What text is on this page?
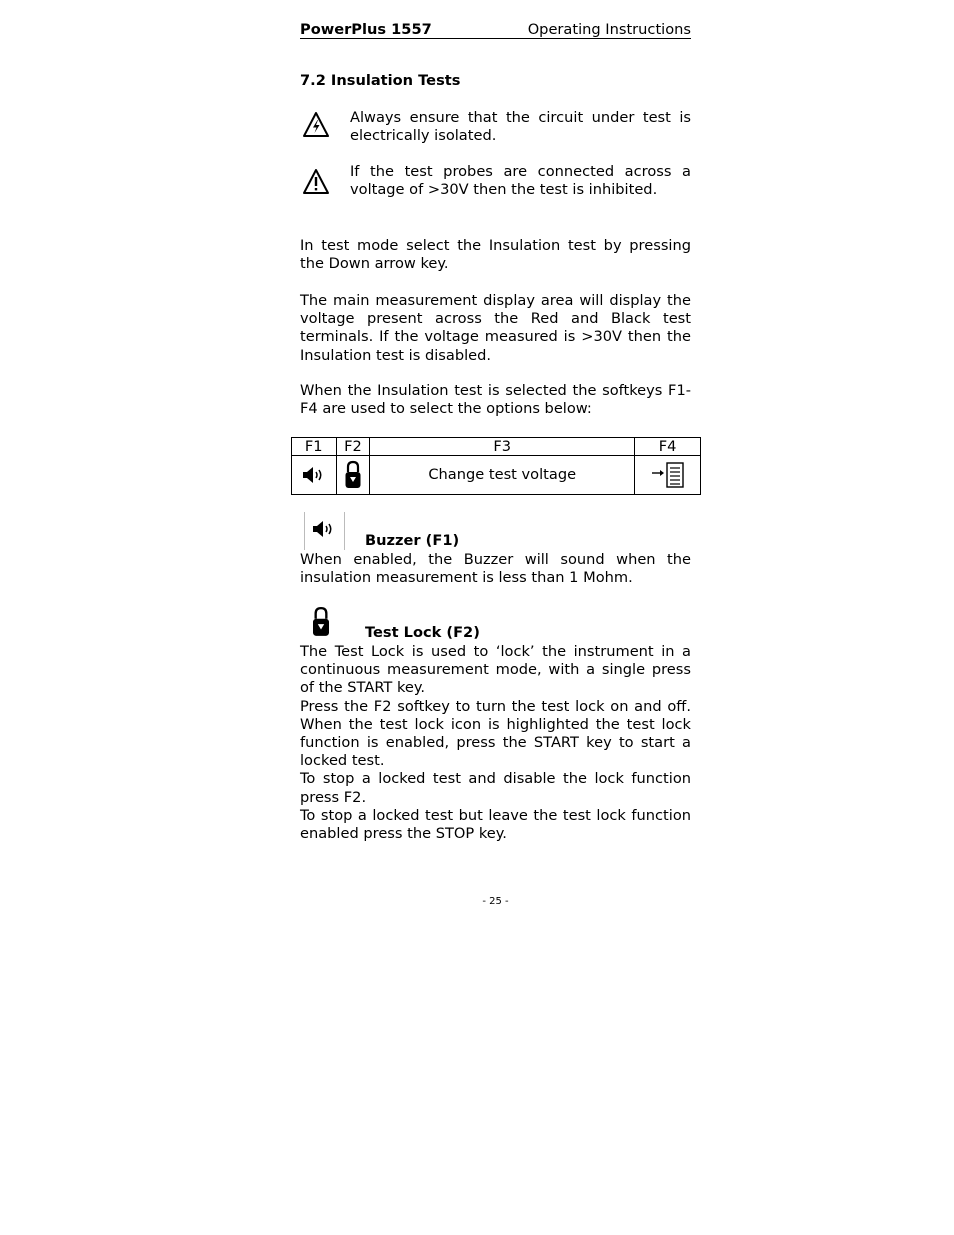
PowerPlus 1557	Operating Instructions
7.2 Insulation Tests
Always ensure that the circuit under test is electrically isolated.
If the test probes are connected across a voltage of >30V then the test is inhibited.

In test mode select the Insulation test by pressing the Down arrow key.

The main measurement display area will display the voltage present across the Red and Black test terminals. If the voltage measured is >30V then the Insulation test is disabled.

When the Insulation test is selected the softkeys F1-F4 are used to select the options below:

F1	F2	F3	F4
		Change test voltage	
Buzzer (F1)

When enabled, the Buzzer will sound when the insulation measurement is less than 1 Mohm.

Test Lock (F2)

The Test Lock is used to ‘lock’ the instrument in a continuous measurement mode, with a single press of the START key.

Press the F2 softkey to turn the test lock on and off. When the test lock icon is highlighted the test lock function is enabled, press the START key to start a locked test.

To stop a locked test and disable the lock function press F2.

To stop a locked test but leave the test lock function enabled press the STOP key.

- 25 -
